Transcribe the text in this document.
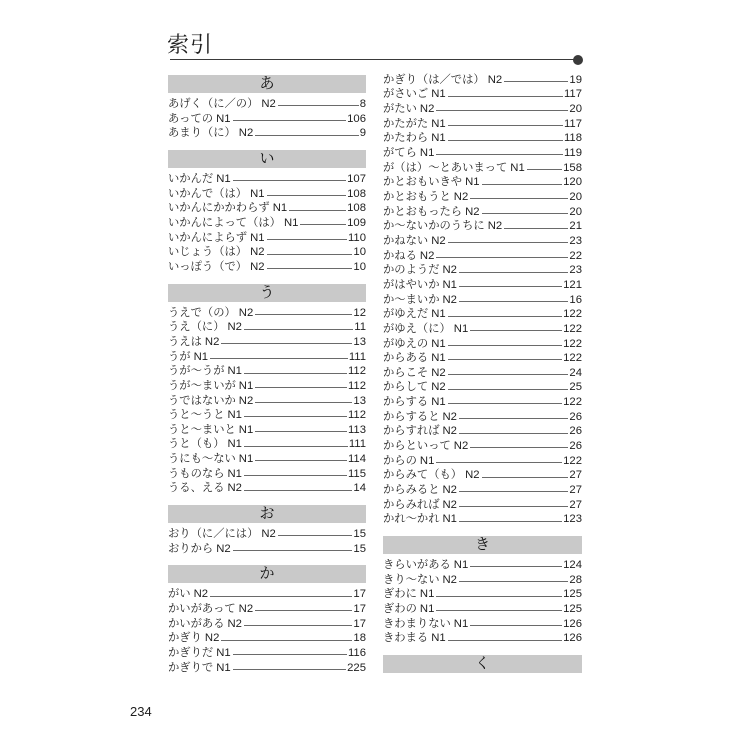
索引
あ
あげく（に／の） N2	8
あっての N1	106
あまり（に） N2	9
い
いかんだ N1	107
いかんで（は） N1	108
いかんにかかわらず N1	108
いかんによって（は） N1	109
いかんによらず N1	110
いじょう（は） N2	10
いっぽう（で） N2	10
う
うえで（の） N2	12
うえ（に） N2	11
うえは N2	13
うが N1	111
うが～うが N1	112
うが～まいが N1	112
うではないか N2	13
うと～うと N1	112
うと～まいと N1	113
うと（も） N1	111
うにも～ない N1	114
うものなら N1	115
うる、える N2	14
お
おり（に／には） N2	15
おりから N2	15
か
がい N2	17
かいがあって N2	17
かいがある N2	17
かぎり N2	18
かぎりだ N1	116
かぎりで N1	225
かぎり（は／では） N2	19
がさいご N1	117
がたい N2	20
かたがた N1	117
かたわら N1	118
がてら N1	119
が（は）～とあいまって N1	158
かとおもいきや N1	120
かとおもうと N2	20
かとおもったら N2	20
か～ないかのうちに N2	21
かねない N2	23
かねる N2	22
かのようだ N2	23
がはやいか N1	121
か～まいか N2	16
がゆえだ N1	122
がゆえ（に） N1	122
がゆえの N1	122
からある N1	122
からこそ N2	24
からして N2	25
からする N1	122
からすると N2	26
からすれば N2	26
からといって N2	26
からの N1	122
からみて（も） N2	27
からみると N2	27
からみれば N2	27
かれ～かれ N1	123
き
きらいがある N1	124
きり～ない N2	28
ぎわに N1	125
ぎわの N1	125
きわまりない N1	126
きわまる N1	126
く
234
